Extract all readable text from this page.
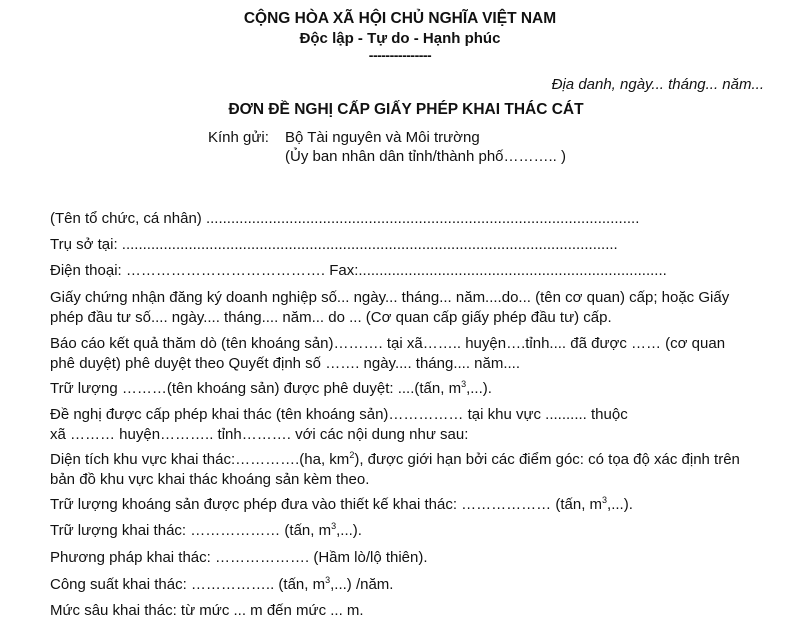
CỘNG HÒA XÃ HỘI CHỦ NGHĨA VIỆT NAM
Độc lập - Tự do - Hạnh phúc
---------------
Địa danh, ngày... tháng... năm...
ĐƠN ĐỀ NGHỊ CẤP GIẤY PHÉP KHAI THÁC CÁT
Kính gửi: Bộ Tài nguyên và Môi trường
(Ủy ban nhân dân tỉnh/thành phố……….. )
(Tên tổ chức, cá nhân) ........................................................................................................
Trụ sở tại: .......................................................................................................................
Điện thoại: …………………………………. Fax:..........................................................................
Giấy chứng nhận đăng ký doanh nghiệp số... ngày... tháng... năm....do... (tên cơ quan) cấp; hoặc Giấy
phép đầu tư số.... ngày.... tháng.... năm... do ... (Cơ quan cấp giấy phép đầu tư) cấp.
Báo cáo kết quả thăm dò (tên khoáng sản)………. tại xã…….. huyện….tỉnh.... đã được …… (cơ quan
phê duyệt) phê duyệt theo Quyết định số ……. ngày.... tháng.... năm....
Trữ lượng ………(tên khoáng sản) được phê duyệt: ....(tấn, $m^3$,...).
Đề nghị được cấp phép khai thác (tên khoáng sản)…………… tại khu vực .......... thuộc
xã ……… huyện……….. tỉnh………. với các nội dung như sau:
Diện tích khu vực khai thác:………….(ha, $km^2$), được giới hạn bởi các điểm góc: có tọa độ xác định trên
bản đồ khu vực khai thác khoáng sản kèm theo.
Trữ lượng khoáng sản được phép đưa vào thiết kế khai thác: ……………… (tấn, $m^3$,...).
Trữ lượng khai thác: ……………… (tấn, $m^3$,...).
Phương pháp khai thác: ………………. (Hầm lò/lộ thiên).
Công suất khai thác: …………….. (tấn, $m^3$,...) /năm.
Mức sâu khai thác: từ mức ... m đến mức ... m.
